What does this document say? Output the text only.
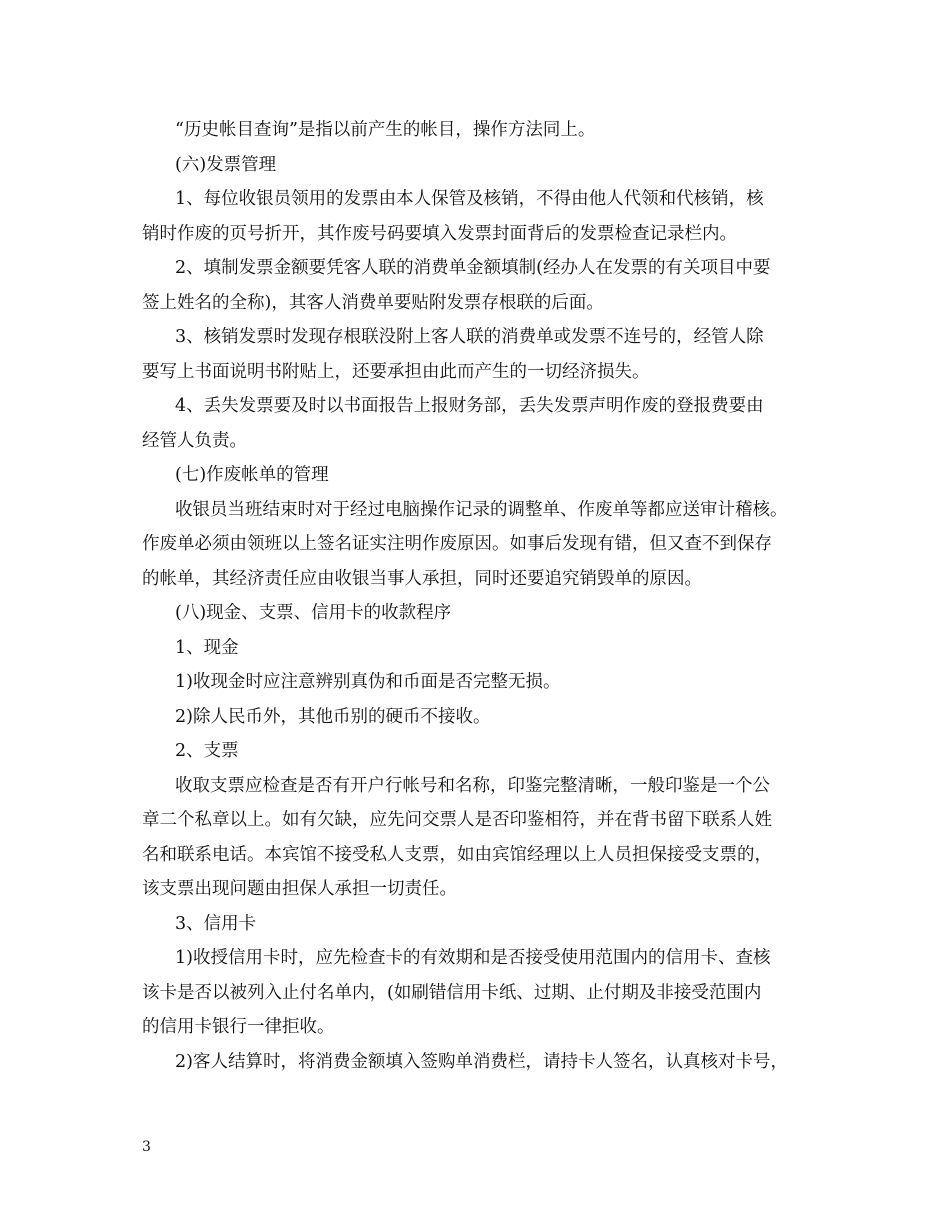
“历史帐目查询”是指以前产生的帐目，操作方法同上。
(六)发票管理
1、每位收银员领用的发票由本人保管及核销，不得由他人代领和代核销，核
销时作废的页号折开，其作废号码要填入发票封面背后的发票检查记录栏内。
2、填制发票金额要凭客人联的消费单金额填制(经办人在发票的有关项目中要
签上姓名的全称)，其客人消费单要贴附发票存根联的后面。
3、核销发票时发现存根联没附上客人联的消费单或发票不连号的，经管人除
要写上书面说明书附贴上，还要承担由此而产生的一切经济损失。
4、丢失发票要及时以书面报告上报财务部，丢失发票声明作废的登报费要由
经管人负责。
(七)作废帐单的管理
收银员当班结束时对于经过电脑操作记录的调整单、作废单等都应送审计稽核。
作废单必须由领班以上签名证实注明作废原因。如事后发现有错，但又查不到保存
的帐单，其经济责任应由收银当事人承担，同时还要追究销毁单的原因。
(八)现金、支票、信用卡的收款程序
1、现金
1)收现金时应注意辨别真伪和币面是否完整无损。
2)除人民币外，其他币别的硬币不接收。
2、支票
收取支票应检查是否有开户行帐号和名称，印鉴完整清晰，一般印鉴是一个公
章二个私章以上。如有欠缺，应先问交票人是否印鉴相符，并在背书留下联系人姓
名和联系电话。本宾馆不接受私人支票，如由宾馆经理以上人员担保接受支票的，
该支票出现问题由担保人承担一切责任。
3、信用卡
1)收授信用卡时，应先检查卡的有效期和是否接受使用范围内的信用卡、查核
该卡是否以被列入止付名单内，(如刷错信用卡纸、过期、止付期及非接受范围内
的信用卡银行一律拒收。
2)客人结算时，将消费金额填入签购单消费栏，请持卡人签名，认真核对卡号，
3
